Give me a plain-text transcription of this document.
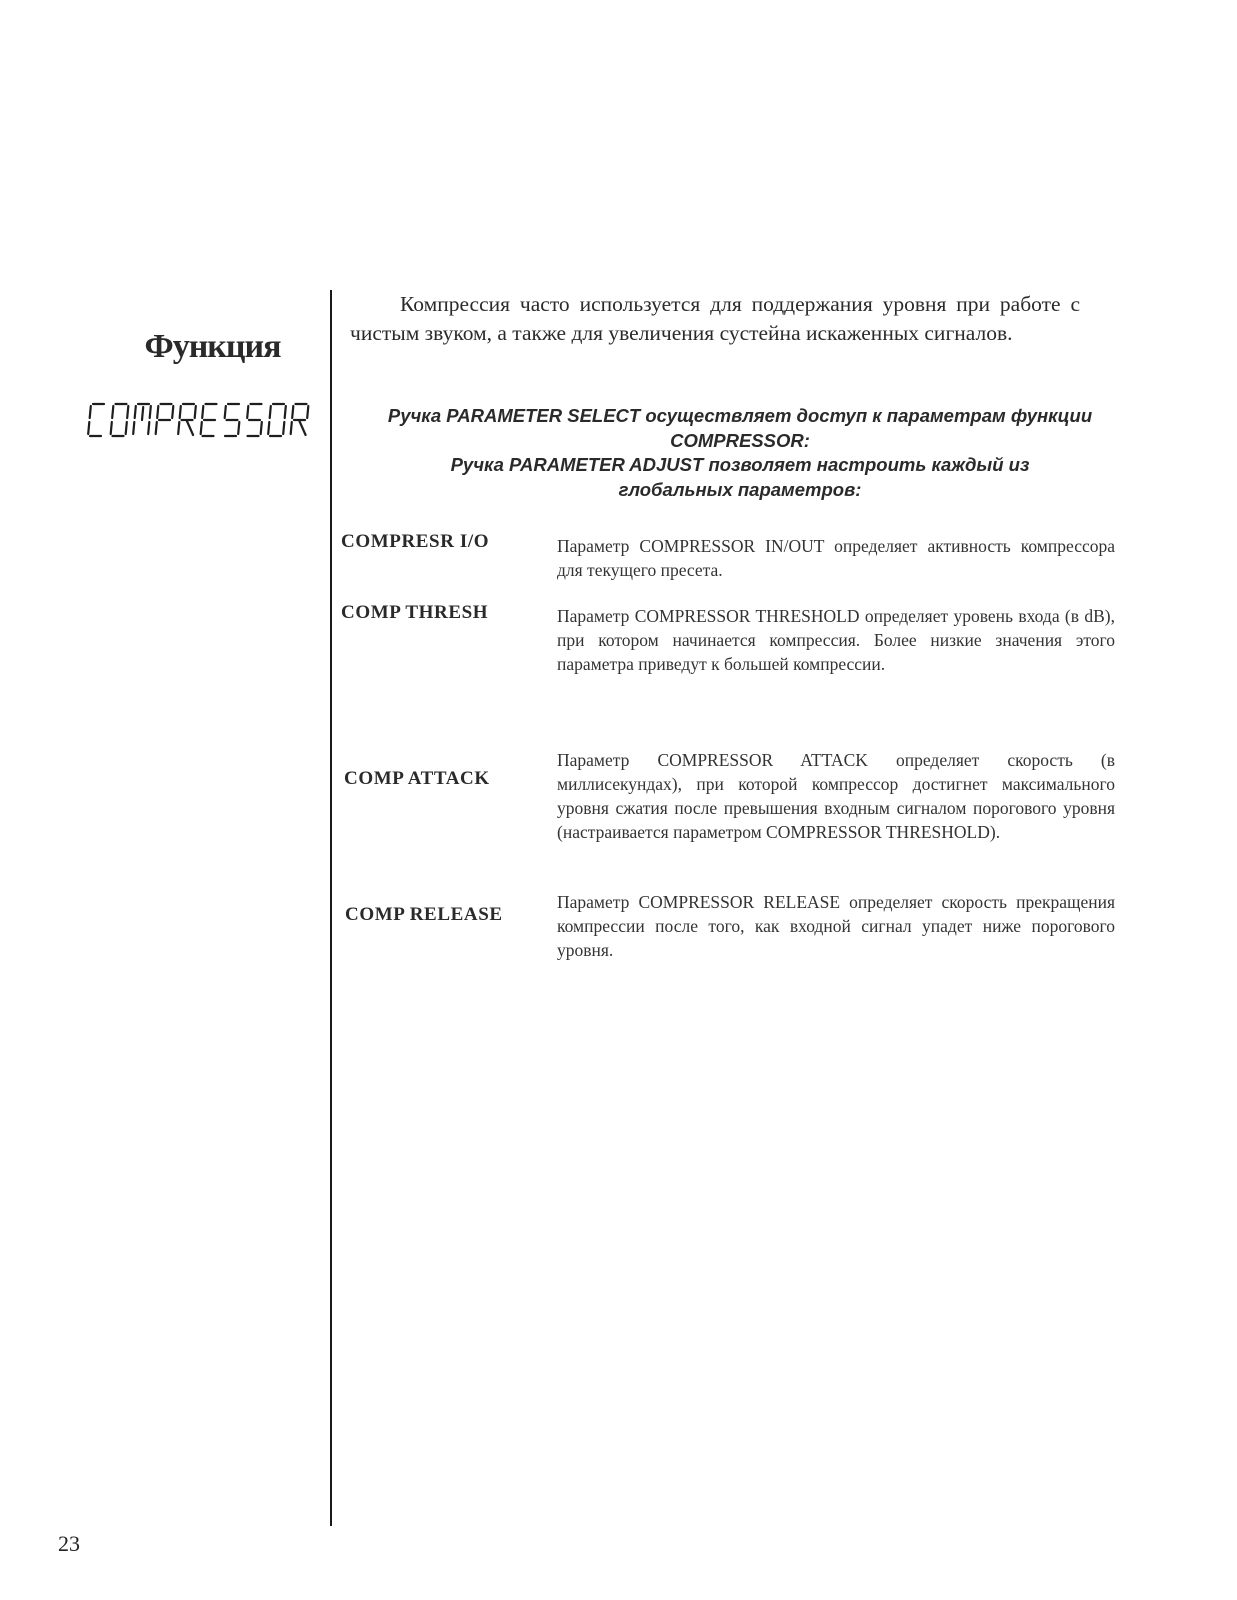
Функция
Компрессия часто используется для поддержания уровня при работе с чистым звуком, а также для увеличения сустейна искаженных сигналов.
Ручка PARAMETER SELECT осуществляет доступ к параметрам функции
COMPRESSOR:
Ручка PARAMETER ADJUST позволяет настроить каждый из
глобальных параметров:
COMPRESR I/O	Параметр COMPRESSOR IN/OUT определяет активность компрессора для текущего пресета.
COMP THRESH	Параметр COMPRESSOR THRESHOLD определяет уровень входа (в dB), при котором начинается компрессия. Более низкие значения этого параметра приведут к большей компрессии.
COMP ATTACK
Параметр COMPRESSOR ATTACK определяет скорость (в миллисекундах), при которой компрессор достигнет максимального уровня сжатия после превышения входным сигналом порогового уровня (настраивается параметром COMPRESSOR THRESHOLD).
COMP RELEASE
Параметр COMPRESSOR RELEASE определяет скорость прекращения компрессии после того, как входной сигнал упадет ниже порогового уровня.
23
